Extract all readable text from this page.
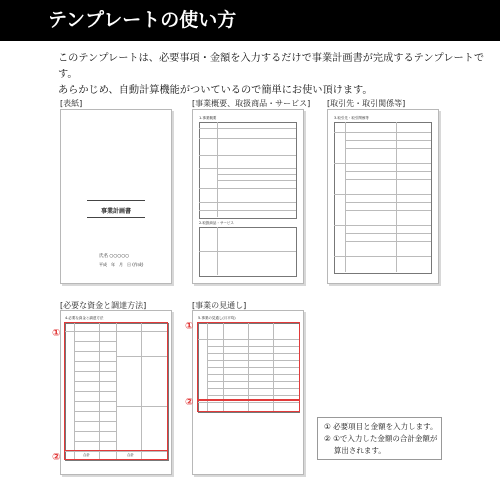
テンプレートの使い方
このテンプレートは、必要事項・金額を入力するだけで事業計画書が完成するテンプレートです。
あらかじめ、自動計算機能がついているので簡単にお使い頂けます。
[表紙]	[事業概要、取扱商品・サービス] [取引先・取引関係等]
[必要な資金と調達方法]	[事業の見通し]
事業計画書
氏名 ○○○○○
平成　年　月　日 (作成)
1.事業概要
2.取扱商品・サービス
3.取引先・取引関係等
4.必要な資金と調達方法
合計	合計
5.事業の見通し(月平均)
①
②
①
②
① 必要項目と金額を入力します。
② ①で入力した金額の合計金額が
　 算出されます。
